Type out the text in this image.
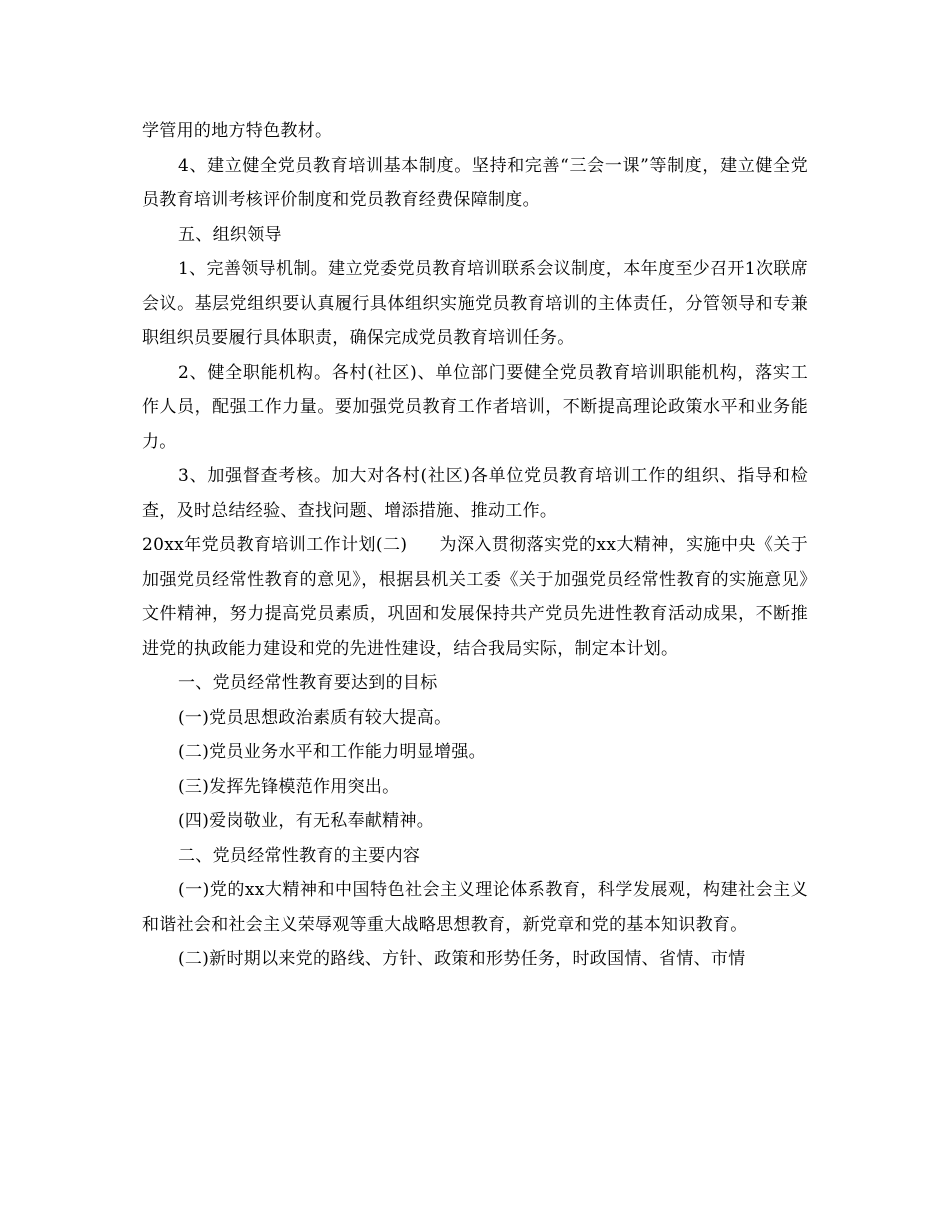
学管用的地方特色教材。

4、建立健全党员教育培训基本制度。坚持和完善“三会一课”等制度，建立健全党员教育培训考核评价制度和党员教育经费保障制度。

五、组织领导

1、完善领导机制。建立党委党员教育培训联系会议制度，本年度至少召开1次联席会议。基层党组织要认真履行具体组织实施党员教育培训的主体责任，分管领导和专兼职组织员要履行具体职责，确保完成党员教育培训任务。

2、健全职能机构。各村(社区)、单位部门要健全党员教育培训职能机构，落实工作人员，配强工作力量。要加强党员教育工作者培训，不断提高理论政策水平和业务能力。

3、加强督查考核。加大对各村(社区)各单位党员教育培训工作的组织、指导和检查，及时总结经验、查找问题、增添措施、推动工作。

20xx年党员教育培训工作计划(二) 为深入贯彻落实党的xx大精神，实施中央《关于加强党员经常性教育的意见》，根据县机关工委《关于加强党员经常性教育的实施意见》文件精神，努力提高党员素质，巩固和发展保持共产党员先进性教育活动成果，不断推进党的执政能力建设和党的先进性建设，结合我局实际，制定本计划。

一、党员经常性教育要达到的目标

(一)党员思想政治素质有较大提高。

(二)党员业务水平和工作能力明显增强。

(三)发挥先锋模范作用突出。

(四)爱岗敬业，有无私奉献精神。

二、党员经常性教育的主要内容

(一)党的xx大精神和中国特色社会主义理论体系教育，科学发展观，构建社会主义和谐社会和社会主义荣辱观等重大战略思想教育，新党章和党的基本知识教育。

(二)新时期以来党的路线、方针、政策和形势任务，时政国情、省情、市情
